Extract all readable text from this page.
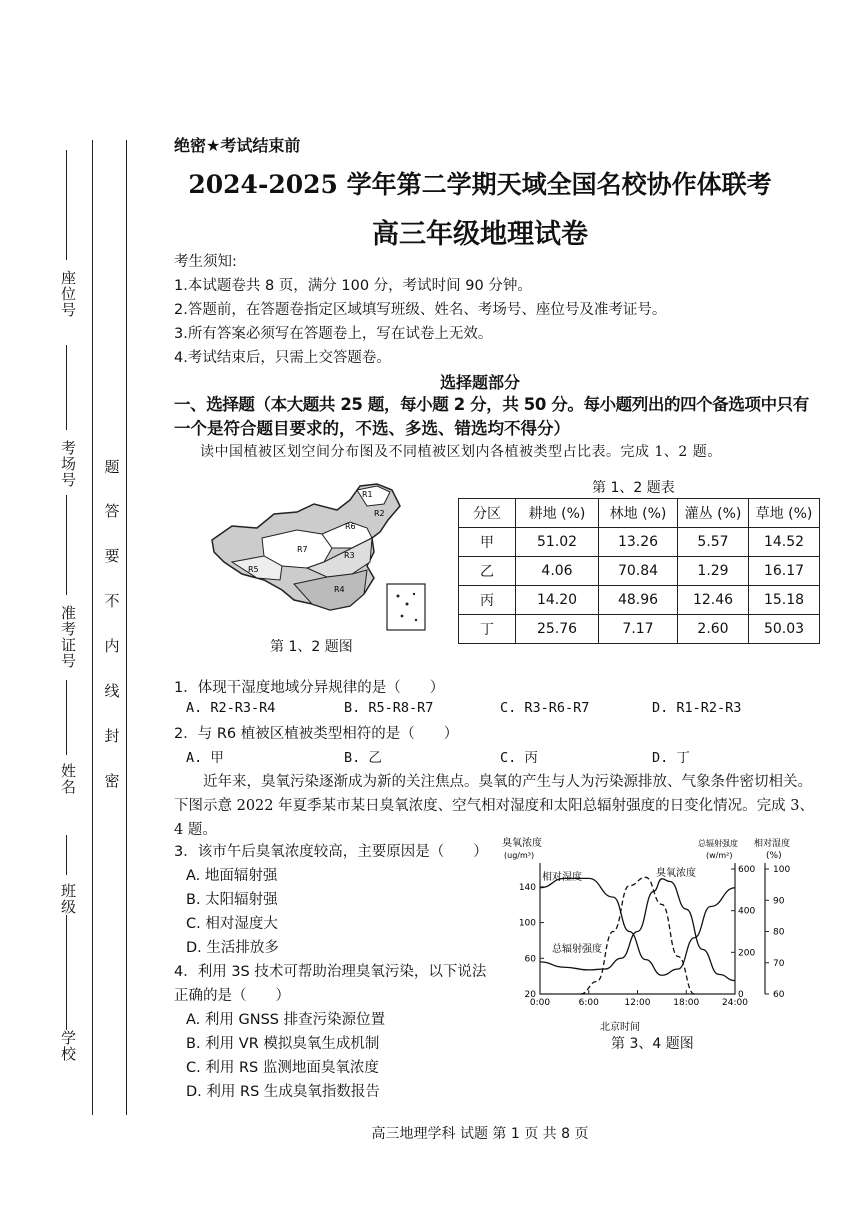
座位号
考场号
准考证号
姓名
班级
学校
题
答
要
不
内
线
封
密
绝密★考试结束前
2024-2025 学年第二学期天域全国名校协作体联考
高三年级地理试卷
考生须知:
1.本试题卷共 8 页，满分 100 分，考试时间 90 分钟。
2.答题前，在答题卷指定区域填写班级、姓名、考场号、座位号及准考证号。
3.所有答案必须写在答题卷上，写在试卷上无效。
4.考试结束后，只需上交答题卷。
选择题部分
一、选择题（本大题共 25 题，每小题 2 分，共 50 分。每小题列出的四个备选项中只有
一个是符合题目要求的，不选、多选、错选均不得分）
读中国植被区划空间分布图及不同植被区划内各植被类型占比表。完成 1、2 题。
R1
R2
R3
R4
R5
R6
R7
第 1、2 题图
第 1、2 题表
分区	耕地 (%)	林地 (%)	灌丛 (%)	草地 (%)
甲	51.02	13.26	5.57	14.52
乙	4.06	70.84	1.29	16.17
丙	14.20	48.96	12.46	15.18
丁	25.76	7.17	2.60	50.03
1．体现干湿度地域分异规律的是（　　）
A. R2-R3-R4	B. R5-R8-R7	C. R3-R6-R7	D. R1-R2-R3
2．与 R6 植被区植被类型相符的是（　　）
A. 甲	B. 乙	C. 丙	D. 丁
近年来，臭氧污染逐渐成为新的关注焦点。臭氧的产生与人为污染源排放、气象条件密切相关。下图示意 2022 年夏季某市某日臭氧浓度、空气相对湿度和太阳总辐射强度的日变化情况。完成 3、4 题。
3．该市午后臭氧浓度较高，主要原因是（　　）
A. 地面辐射强
B. 太阳辐射强
C. 相对湿度大
D. 生活排放多
4．利用 3S 技术可帮助治理臭氧污染，以下说法
正确的是（　　）
A. 利用 GNSS 排查污染源位置
B. 利用 VR 模拟臭氧生成机制
C. 利用 RS 监测地面臭氧浓度
D. 利用 RS 生成臭氧指数报告
臭氧浓度
(ug/m³)
总辐射强度
(w/m²)
相对湿度
(%)
0:00	6:00	12:00	18:00	24:00
20
60
100
140
0
200
400
600
60
70
80
90
100
相对湿度	臭氧浓度
总辐射强度
北京时间
第 3、4 题图
高三地理学科 试题 第 1 页 共 8 页
